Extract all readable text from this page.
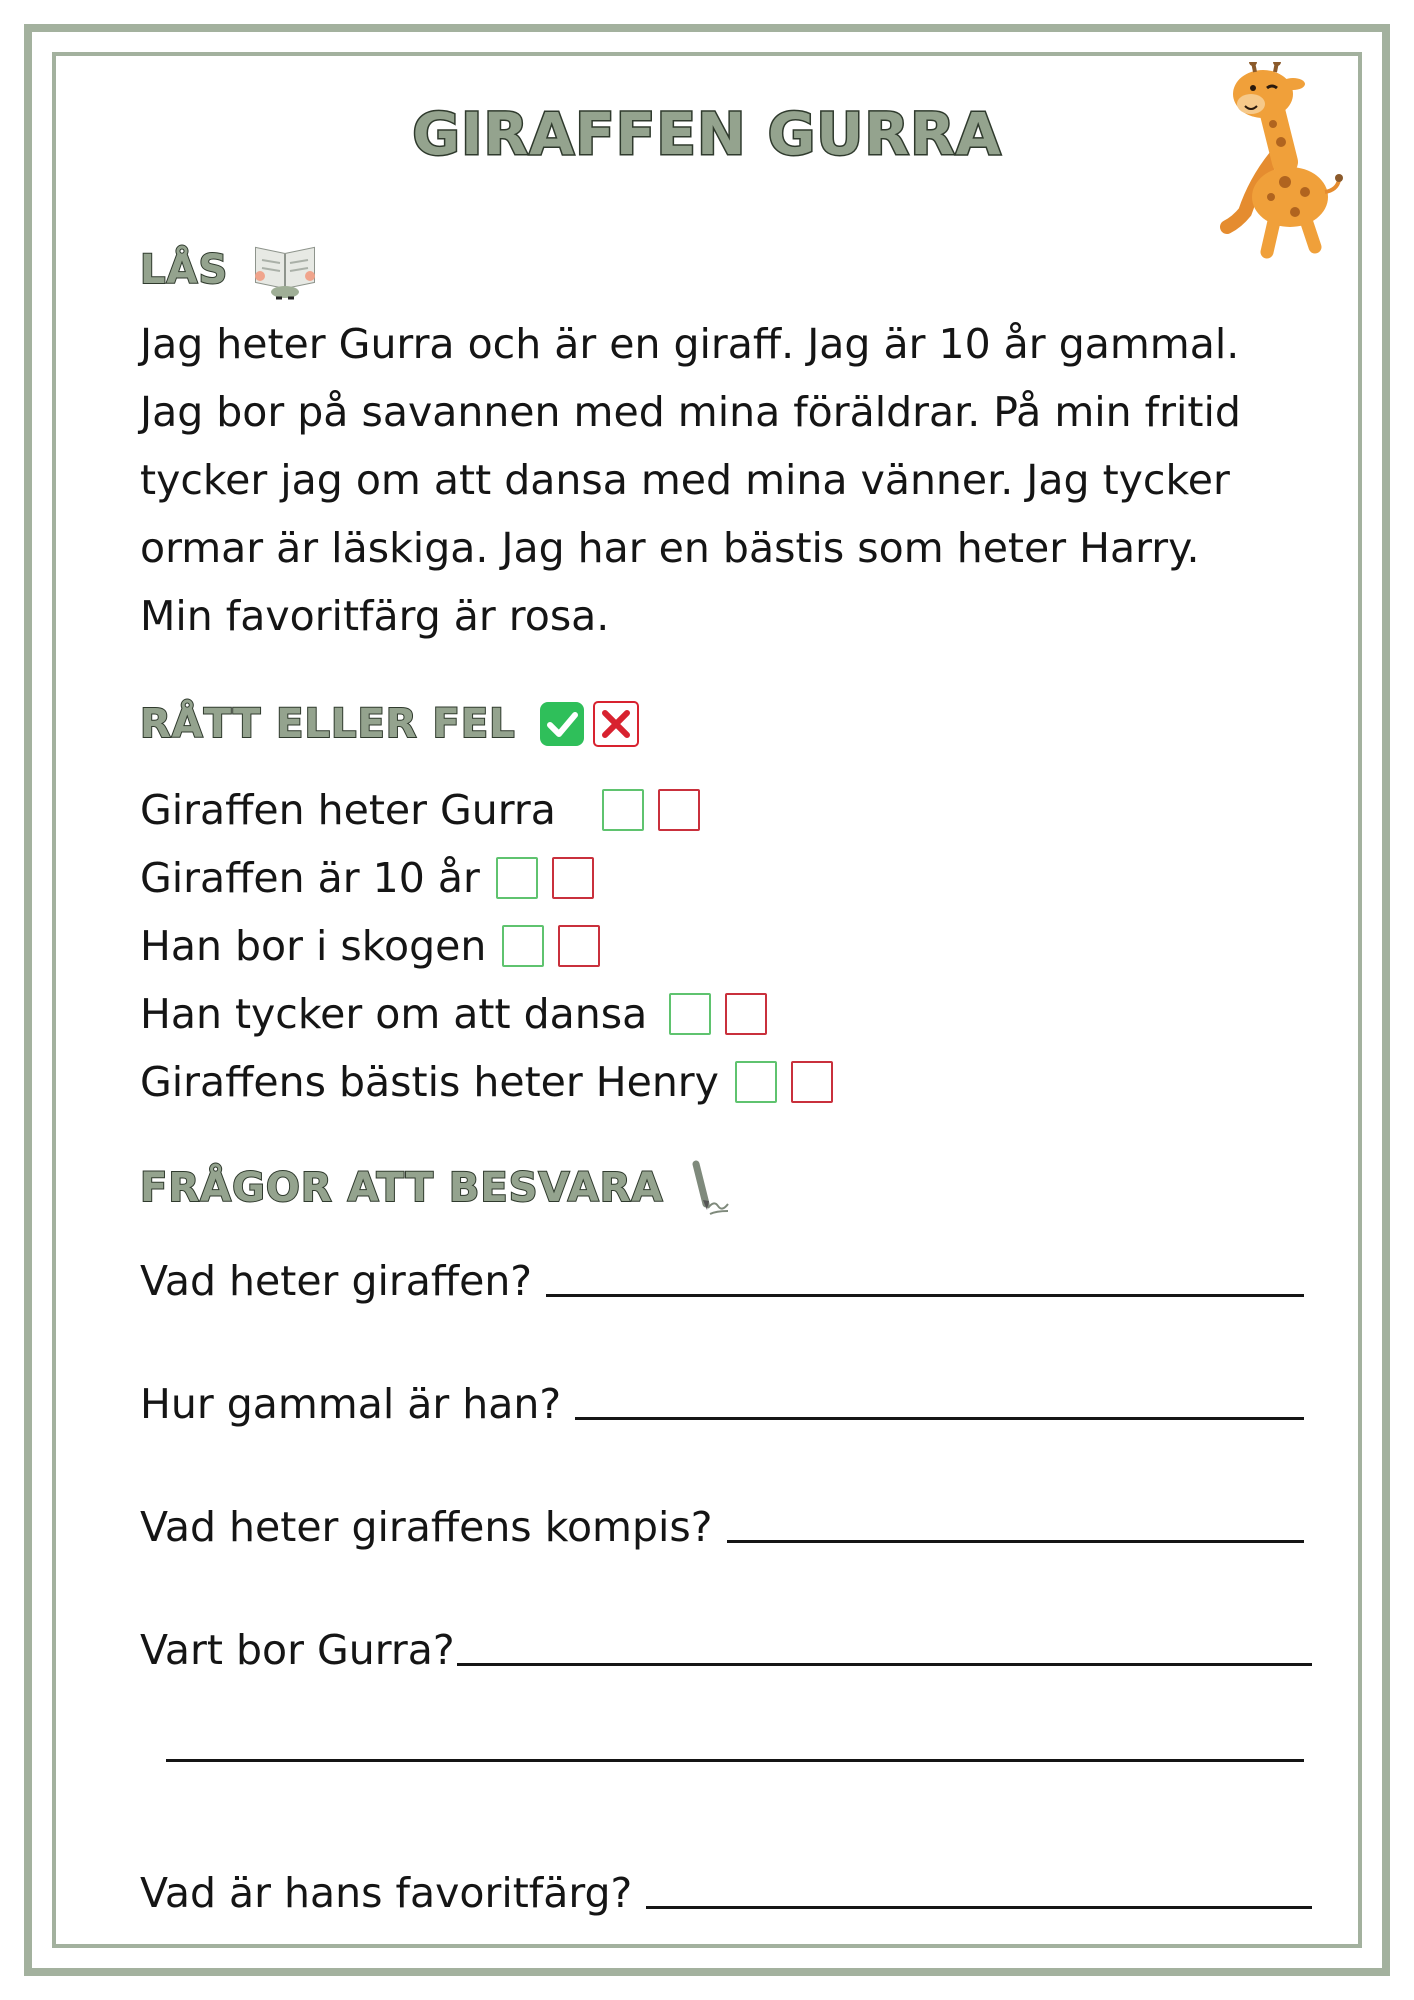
GIRAFFEN GURRA
LÅS

Jag heter Gurra och är en giraff. Jag är 10 år gammal. Jag bor på savannen med mina föräldrar. På min fritid tycker jag om att dansa med mina vänner. Jag tycker ormar är läskiga. Jag har en bästis som heter Harry. Min favoritfärg är rosa.

RÅTT ELLER FEL
Giraffen heter Gurra
Giraffen är 10 år
Han bor i skogen
Han tycker om att dansa
Giraffens bästis heter Henry
FRÅGOR ATT BESVARA
Vad heter giraffen?
Hur gammal är han?
Vad heter giraffens kompis?
Vart bor Gurra?
Vad är hans favoritfärg?
